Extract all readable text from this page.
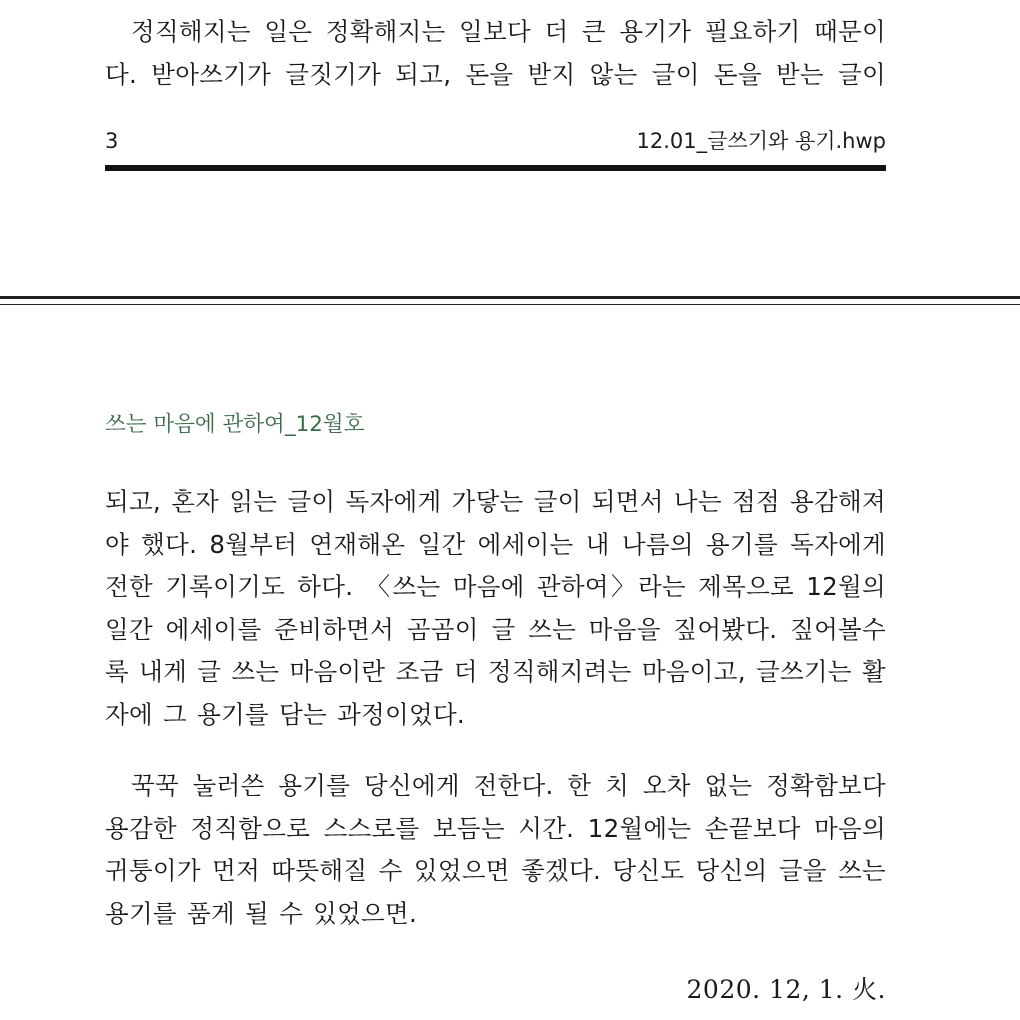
정직해지는 일은 정확해지는 일보다 더 큰 용기가 필요하기 때문이다. 받아쓰기가 글짓기가 되고, 돈을 받지 않는 글이 돈을 받는 글이

3	12.01_글쓰기와 용기.hwp
쓰는 마음에 관하여_12월호

되고, 혼자 읽는 글이 독자에게 가닿는 글이 되면서 나는 점점 용감해져야 했다. 8월부터 연재해온 일간 에세이는 내 나름의 용기를 독자에게 전한 기록이기도 하다. 〈쓰는 마음에 관하여〉라는 제목으로 12월의 일간 에세이를 준비하면서 곰곰이 글 쓰는 마음을 짚어봤다. 짚어볼수록 내게 글 쓰는 마음이란 조금 더 정직해지려는 마음이고, 글쓰기는 활자에 그 용기를 담는 과정이었다.

꾹꾹 눌러쓴 용기를 당신에게 전한다. 한 치 오차 없는 정확함보다 용감한 정직함으로 스스로를 보듬는 시간. 12월에는 손끝보다 마음의 귀퉁이가 먼저 따뜻해질 수 있었으면 좋겠다. 당신도 당신의 글을 쓰는 용기를 품게 될 수 있었으면.

2020. 12, 1. 火.
